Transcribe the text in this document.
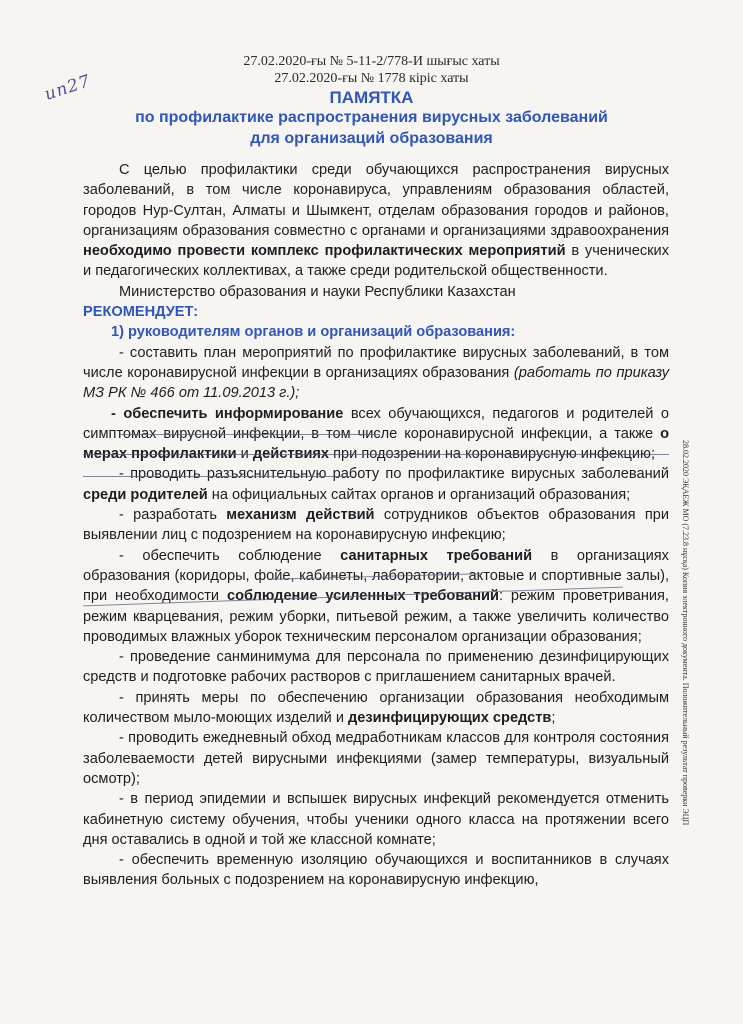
27.02.2020-ғы № 5-11-2/778-И шығыс хаты
27.02.2020-ғы № 1778 кіріс хаты
ип27	ПАМЯТКА
по профилактике распространения вирусных заболеваний
для организаций образования

С целью профилактики среди обучающихся распространения вирусных заболеваний, в том числе коронавируса, управлениям образования областей, городов Нур-Султан, Алматы и Шымкент, отделам образования городов и районов, организациям образования совместно с органами и организациями здравоохранения необходимо провести комплекс профилактических мероприятий в ученических и педагогических коллективах, а также среди родительской общественности.

Министерство образования и науки Республики Казахстан

РЕКОМЕНДУЕТ:

1) руководителям органов и организаций образования:

- составить план мероприятий по профилактике вирусных заболеваний, в том числе коронавирусной инфекции в организациях образования (работать по приказу МЗ РК № 466 от 11.09.2013 г.);

- обеспечить информирование всех обучающихся, педагогов и родителей о симптомах вирусной инфекции, в том числе коронавирусной инфекции, а также о мерах профилактики и действиях при подозрении на коронавирусную инфекцию;

- проводить разъяснительную работу по профилактике вирусных заболеваний среди родителей на официальных сайтах органов и организаций образования;

- разработать механизм действий сотрудников объектов образования при выявлении лиц с подозрением на коронавирусную инфекцию;

- обеспечить соблюдение санитарных требований в организациях образования (коридоры, фойе, кабинеты, лаборатории, актовые и спортивные залы), при необходимости соблюдение усиленных требований: режим проветривания, режим кварцевания, режим уборки, питьевой режим, а также увеличить количество проводимых влажных уборок техническим персоналом организации образования;

- проведение санминимума для персонала по применению дезинфицирующих средств и подготовке рабочих растворов с приглашением санитарных врачей.

- принять меры по обеспечению организации образования необходимым количеством мыло-моющих изделий и дезинфицирующих средств;

- проводить ежедневный обход медработникам классов для контроля состояния заболеваемости детей вирусными инфекциями (замер температуры, визуальный осмотр);

- в период эпидемии и вспышек вирусных инфекций рекомендуется отменить кабинетную систему обучения, чтобы ученики одного класса на протяжении всего дня оставались в одной и той же классной комнате;

- обеспечить временную изоляцию обучающихся и воспитанников в случаях выявления больных с подозрением на коронавирусную инфекцию,

28.02.2020 ЭҚАЕЖ МО (7.23.8 нұсқа) Копия электронного документа. Положительный результат проверки ЭЦП
